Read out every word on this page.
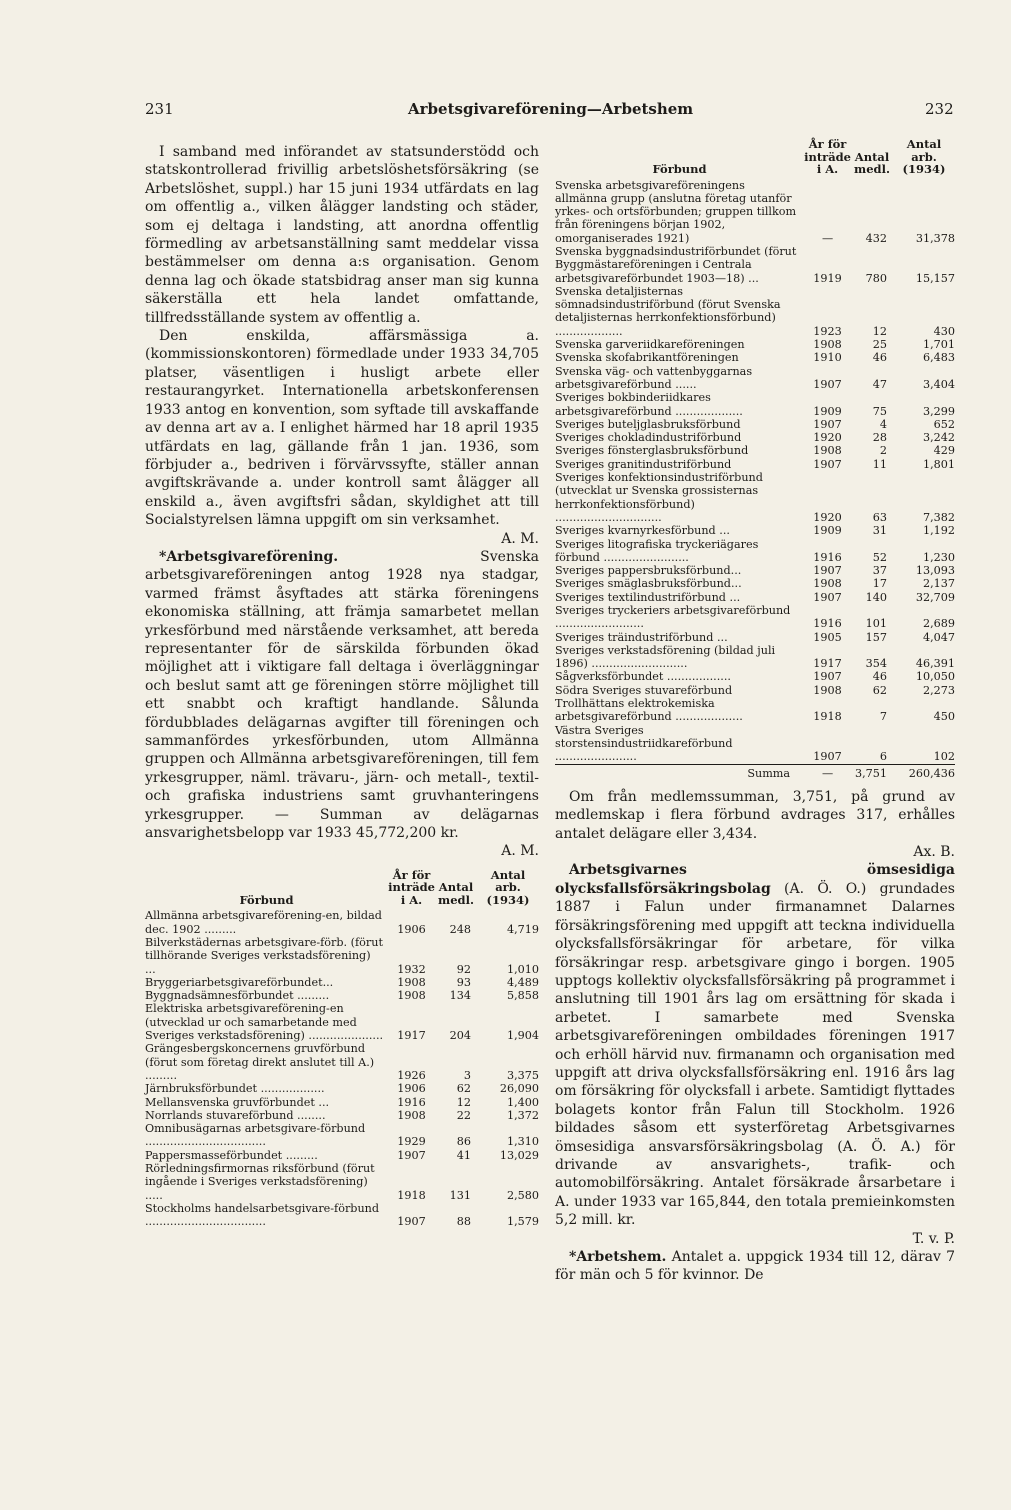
231	Arbetsgivareförening—Arbetshem	232

I samband med införandet av statsunderstödd och statskontrollerad frivillig arbetslöshetsförsäkring (se Arbetslöshet, suppl.) har 15 juni 1934 utfärdats en lag om offentlig a., vilken ålägger landsting och städer, som ej deltaga i landsting, att anordna offentlig förmedling av arbetsanställning samt meddelar vissa bestämmelser om denna a:s organisation. Genom denna lag och ökade statsbidrag anser man sig kunna säkerställa ett hela landet omfattande, tillfredsställande system av offentlig a.

Den enskilda, affärsmässiga a. (kommissionskontoren) förmedlade under 1933 34,705 platser, väsentligen i husligt arbete eller restaurangyrket. Internationella arbetskonferensen 1933 antog en konvention, som syftade till avskaffande av denna art av a. I enlighet härmed har 18 april 1935 utfärdats en lag, gällande från 1 jan. 1936, som förbjuder a., bedriven i förvärvssyfte, ställer annan avgiftskrävande a. under kontroll samt ålägger all enskild a., även avgiftsfri sådan, skyldighet att till Socialstyrelsen lämna uppgift om sin verksamhet.

A. M.

*Arbetsgivareförening. Svenska arbetsgivareföreningen antog 1928 nya stadgar, varmed främst åsyftades att stärka föreningens ekonomiska ställning, att främja samarbetet mellan yrkesförbund med närstående verksamhet, att bereda representanter för de särskilda förbunden ökad möjlighet att i viktigare fall deltaga i överläggningar och beslut samt att ge föreningen större möjlighet till ett snabbt och kraftigt handlande. Sålunda fördubblades delägarnas avgifter till föreningen och sammanfördes yrkesförbunden, utom Allmänna gruppen och Allmänna arbetsgivareföreningen, till fem yrkesgrupper, näml. trävaru-, järn- och metall-, textil- och grafiska industriens samt gruvhanteringens yrkesgrupper. — Summan av delägarnas ansvarighetsbelopp var 1933 45,772,200 kr.

A. M.

Förbund	År för inträde i A.	Antal medl.	Antal arb.
(1934)
Allmänna arbetsgivareförening-en, bildad dec. 1902 .........	1906	248	4,719
Bilverkstädernas arbetsgivare-förb. (förut tillhörande Sveriges verkstadsförening) ...	1932	92	1,010
Bryggeriarbetsgivareförbundet...	1908	93	4,489
Byggnadsämnesförbundet .........	1908	134	5,858
Elektriska arbetsgivareförening-en (utvecklad ur och samarbetande med Sveriges verkstadsförening) .....................	1917	204	1,904
Grängesbergskoncernens gruvförbund (förut som företag direkt anslutet till A.) .........	1926	3	3,375
Järnbruksförbundet ..................	1906	62	26,090
Mellansvenska gruvförbundet ...	1916	12	1,400
Norrlands stuvareförbund ........	1908	22	1,372
Omnibusägarnas arbetsgivare-förbund ..................................	1929	86	1,310
Pappersmasseförbundet .........	1907	41	13,029
Rörledningsfirmornas riksförbund (förut ingående i Sveriges verkstadsförening) .....	1918	131	2,580
Stockholms handelsarbetsgivare-förbund ..................................	1907	88	1,579
Förbund	År för inträde i A.	Antal medl.	Antal arb.
(1934)
Svenska arbetsgivareföreningens allmänna grupp (anslutna företag utanför yrkes- och ortsförbunden; gruppen tillkom från föreningens början 1902, omorganiserades 1921)	—	432	31,378
Svenska byggnadsindustriförbundet (förut Byggmästareföreningen i Centrala arbetsgivareförbundet 1903—18) ...	1919	780	15,157
Svenska detaljisternas sömnadsindustriförbund (förut Svenska detaljisternas herrkonfektionsförbund) ...................	1923	12	430
Svenska garveriidkareföreningen	1908	25	1,701
Svenska skofabrikantföreningen	1910	46	6,483
Svenska väg- och vattenbyggarnas arbetsgivareförbund ......	1907	47	3,404
Sveriges bokbinderiidkares arbetsgivareförbund ...................	1909	75	3,299
Sveriges buteljglasbruksförbund	1907	4	652
Sveriges chokladindustriförbund	1920	28	3,242
Sveriges fönsterglasbruksförbund	1908	2	429
Sveriges granitindustriförbund	1907	11	1,801
Sveriges konfektionsindustriförbund (utvecklat ur Svenska grossisternas herrkonfektionsförbund) ..............................	1920	63	7,382
Sveriges kvarnyrkesförbund ...	1909	31	1,192
Sveriges litografiska tryckeriägares förbund ........................	1916	52	1,230
Sveriges pappersbruksförbund...	1907	37	13,093
Sveriges smäglasbruksförbund...	1908	17	2,137
Sveriges textilindustriförbund ...	1907	140	32,709
Sveriges tryckeriers arbetsgivareförbund .........................	1916	101	2,689
Sveriges träindustriförbund ...	1905	157	4,047
Sveriges verkstadsförening (bildad juli 1896) ...........................	1917	354	46,391
Sågverksförbundet ..................	1907	46	10,050
Södra Sveriges stuvareförbund	1908	62	2,273
Trollhättans elektrokemiska arbetsgivareförbund ...................	1918	7	450
Västra Sveriges storstensindustriidkareförbund .......................	1907	6	102
Summa	—	3,751	260,436

Om från medlemssumman, 3,751, på grund av medlemskap i flera förbund avdrages 317, erhålles antalet delägare eller 3,434.

Ax. B.

Arbetsgivarnes ömsesidiga olycksfallsförsäkringsbolag (A. Ö. O.) grundades 1887 i Falun under firmanamnet Dalarnes försäkringsförening med uppgift att teckna individuella olycksfallsförsäkringar för arbetare, för vilka försäkringar resp. arbetsgivare gingo i borgen. 1905 upptogs kollektiv olycksfallsförsäkring på programmet i anslutning till 1901 års lag om ersättning för skada i arbetet. I samarbete med Svenska arbetsgivareföreningen ombildades föreningen 1917 och erhöll härvid nuv. firmanamn och organisation med uppgift att driva olycksfallsförsäkring enl. 1916 års lag om försäkring för olycksfall i arbete. Samtidigt flyttades bolagets kontor från Falun till Stockholm. 1926 bildades såsom ett systerföretag Arbetsgivarnes ömsesidiga ansvarsförsäkringsbolag (A. Ö. A.) för drivande av ansvarighets-, trafik- och automobilförsäkring. Antalet försäkrade årsarbetare i A. under 1933 var 165,844, den totala premieinkomsten 5,2 mill. kr.

T. v. P.

*Arbetshem. Antalet a. uppgick 1934 till 12, därav 7 för män och 5 för kvinnor. De
